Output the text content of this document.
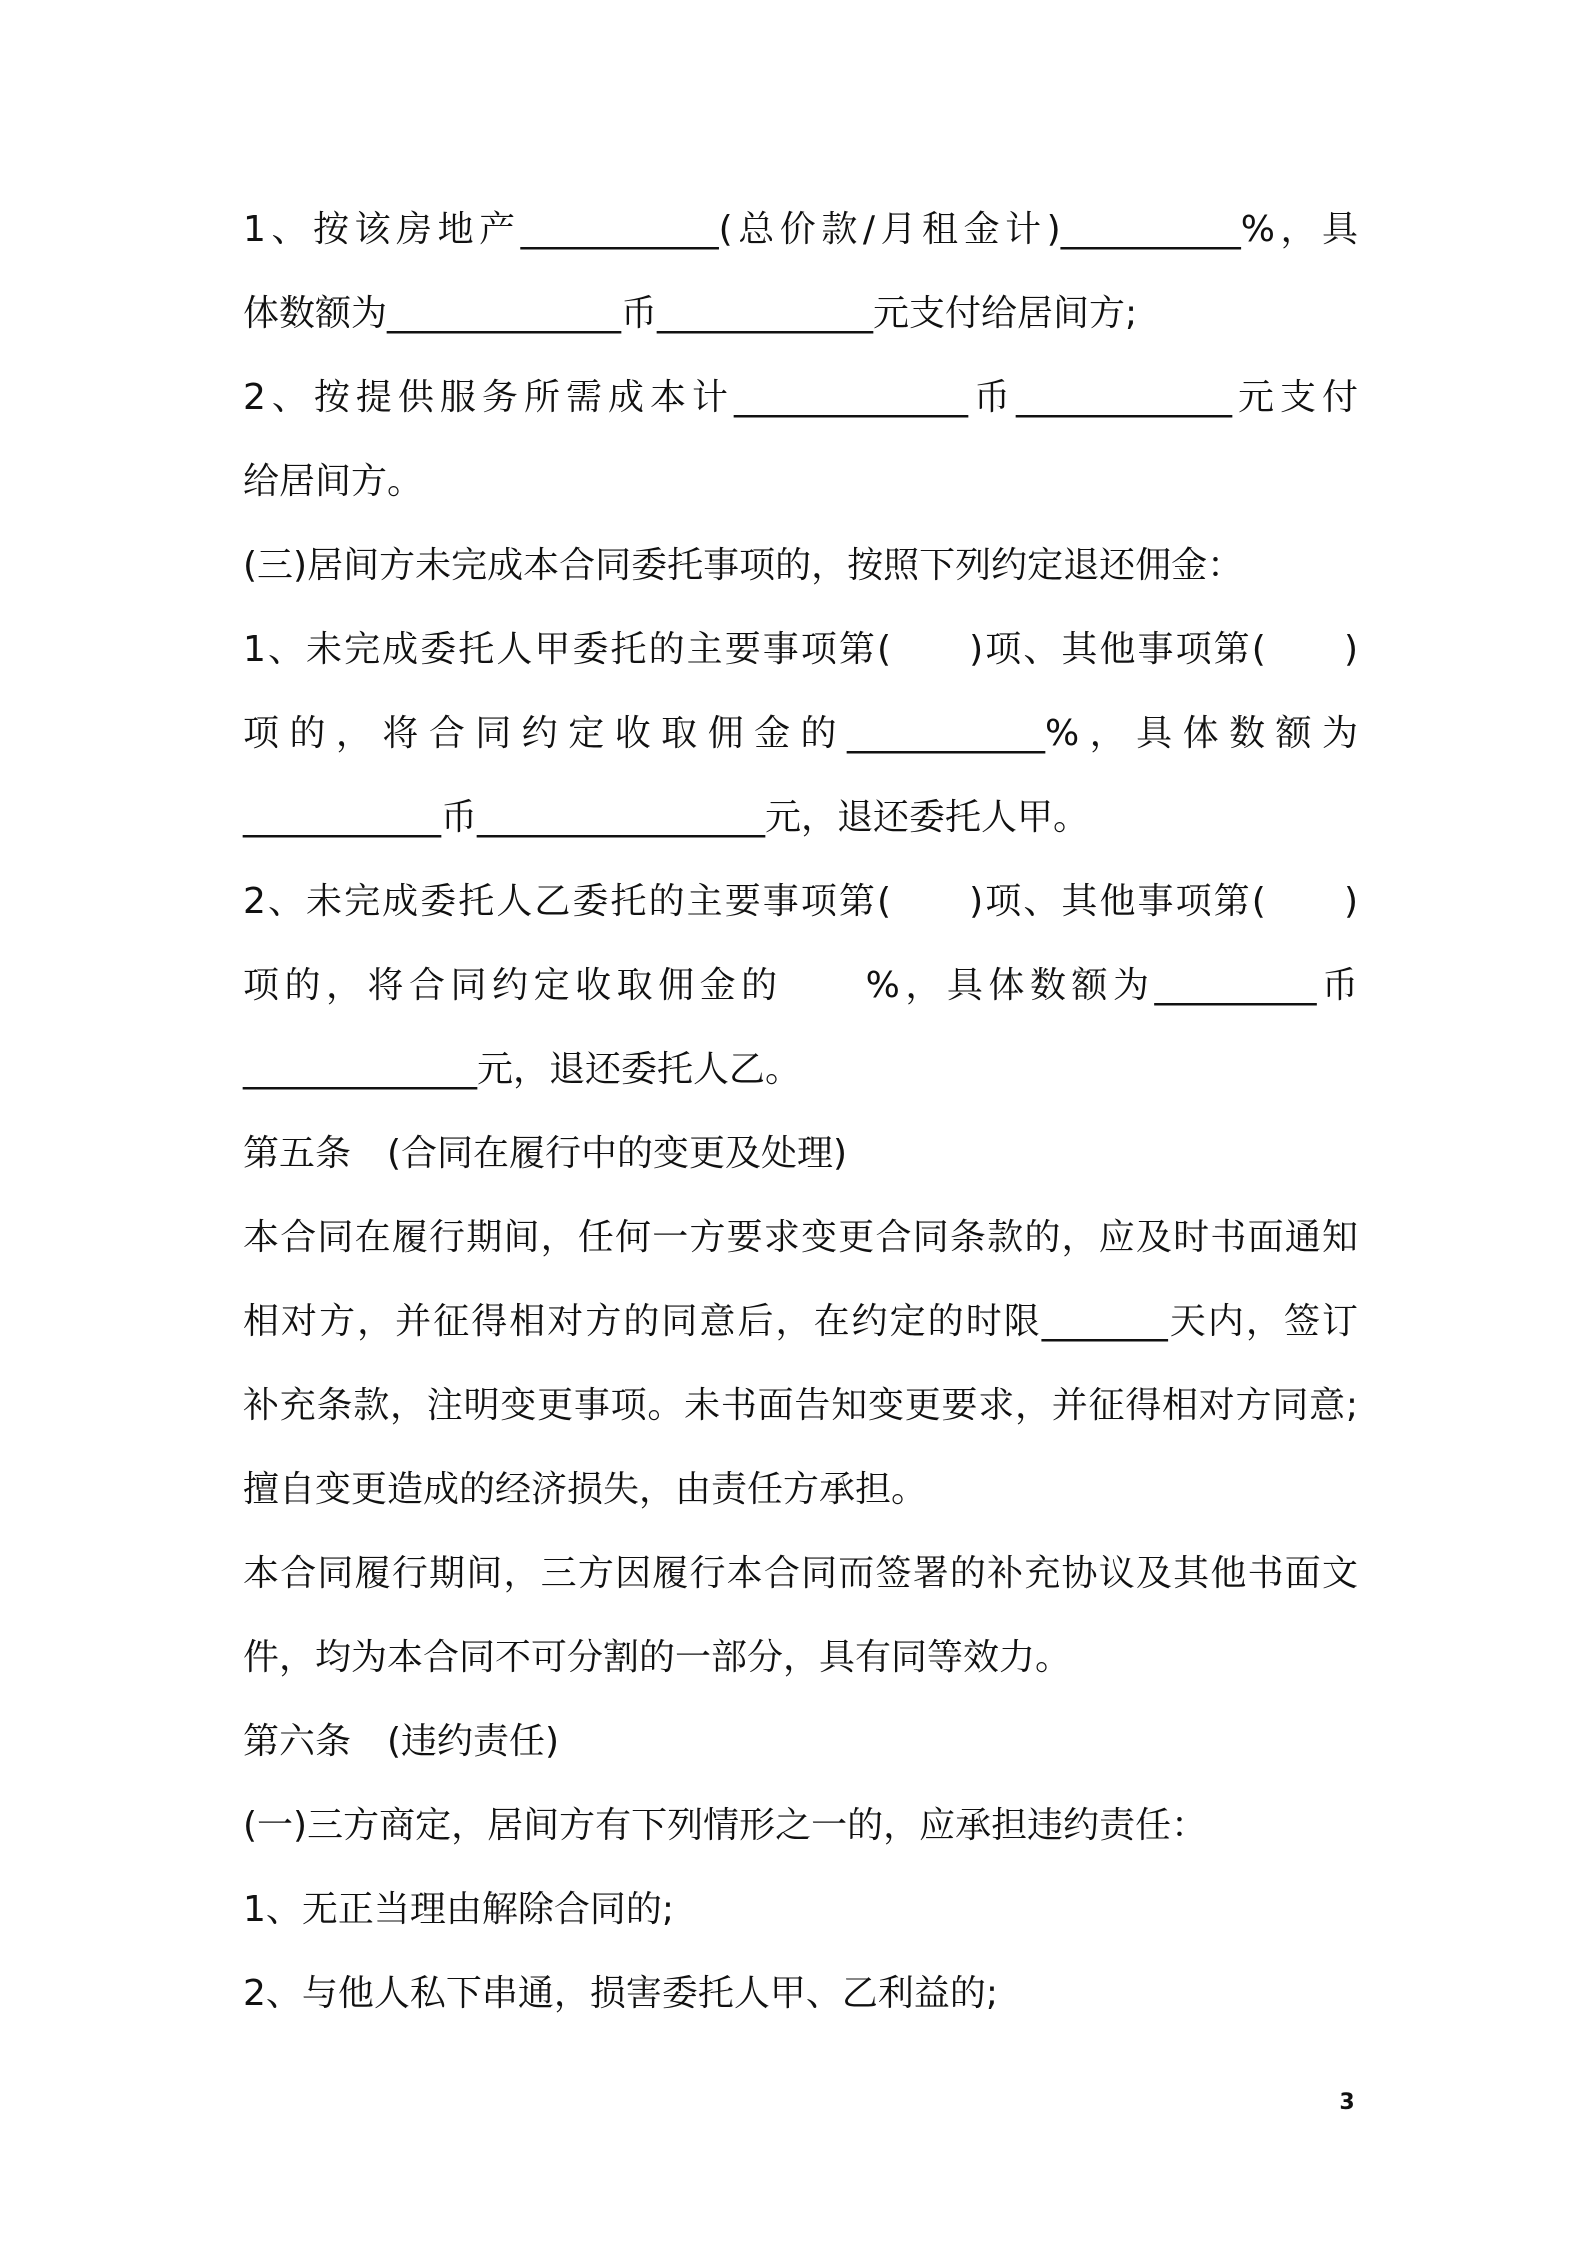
1、按该房地产___________(总价款/月租金计)__________%，具
体数额为_____________币____________元支付给居间方;
2、按提供服务所需成本计_____________币____________元支付
给居间方。
(三)居间方未完成本合同委托事项的，按照下列约定退还佣金：
1、未完成委托人甲委托的主要事项第(　　)项、其他事项第(　　)
项的，将合同约定收取佣金的___________%，具体数额为
___________币________________元，退还委托人甲。
2、未完成委托人乙委托的主要事项第(　　)项、其他事项第(　　)
项的，将合同约定收取佣金的　　%，具体数额为_________币
_____________元，退还委托人乙。
第五条　(合同在履行中的变更及处理)
本合同在履行期间，任何一方要求变更合同条款的，应及时书面通知
相对方，并征得相对方的同意后，在约定的时限_______天内，签订
补充条款，注明变更事项。未书面告知变更要求，并征得相对方同意;
擅自变更造成的经济损失，由责任方承担。
本合同履行期间，三方因履行本合同而签署的补充协议及其他书面文
件，均为本合同不可分割的一部分，具有同等效力。
第六条　(违约责任)
(一)三方商定，居间方有下列情形之一的，应承担违约责任：
1、无正当理由解除合同的;
2、与他人私下串通，损害委托人甲、乙利益的;
3
